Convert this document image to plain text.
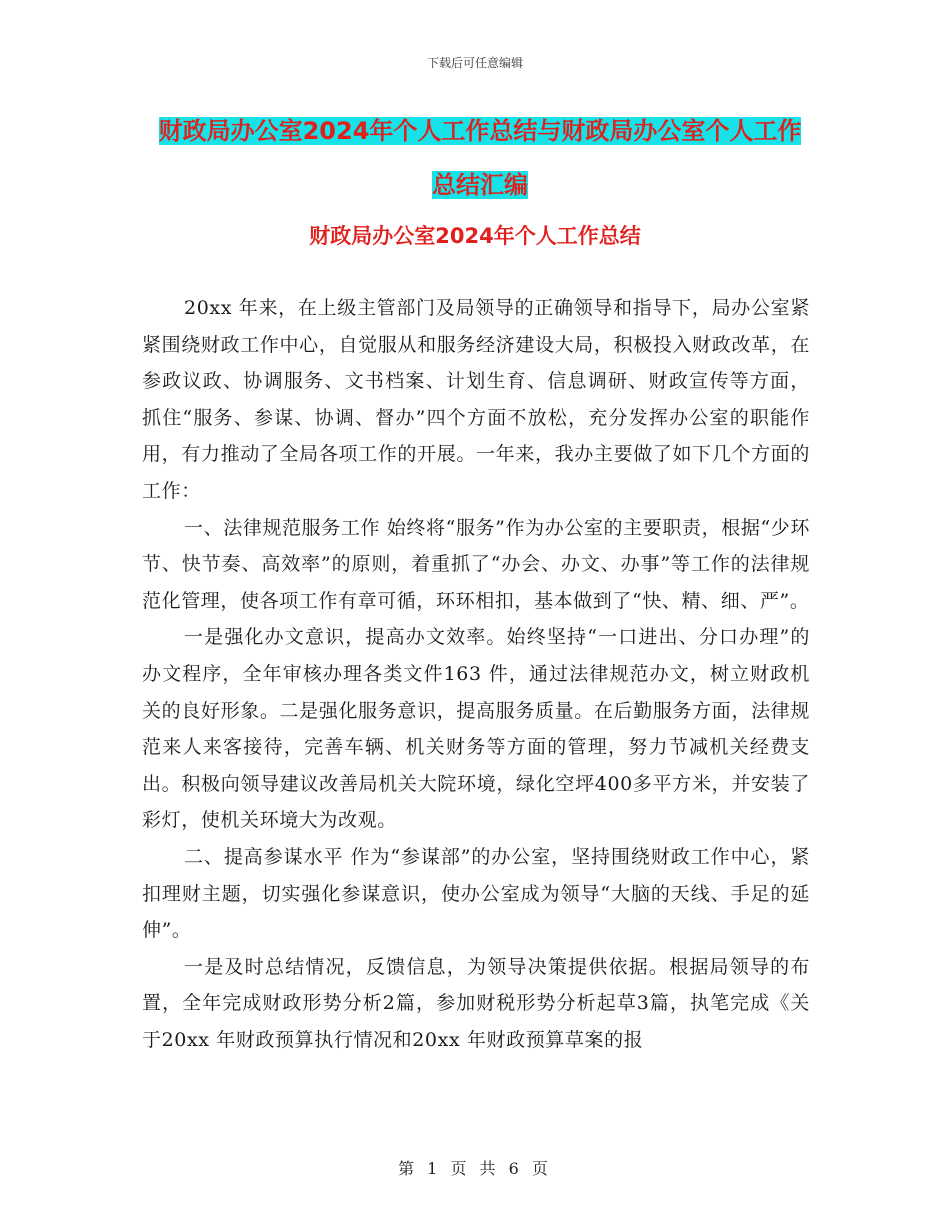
下载后可任意编辑
财政局办公室2024年个人工作总结与财政局办公室个人工作总结汇编
财政局办公室2024年个人工作总结

20xx 年来，在上级主管部门及局领导的正确领导和指导下，局办公室紧紧围绕财政工作中心，自觉服从和服务经济建设大局，积极投入财政改革，在参政议政、协调服务、文书档案、计划生育、信息调研、财政宣传等方面， 抓住“服务、参谋、协调、督办”四个方面不放松，充分发挥办公室的职能作用，有力推动了全局各项工作的开展。一年来，我办主要做了如下几个方面的工作：

一、法律规范服务工作 始终将“服务”作为办公室的主要职责，根据“少环节、快节奏、高效率”的原则，着重抓了“办会、办文、办事”等工作的法律规范化管理，使各项工作有章可循，环环相扣，基本做到了“快、精、细、严”。

一是强化办文意识，提高办文效率。始终坚持“一口进出、分口办理”的办文程序，全年审核办理各类文件163 件，通过法律规范办文，树立财政机关的良好形象。二是强化服务意识，提高服务质量。在后勤服务方面，法律规范来人来客接待，完善车辆、机关财务等方面的管理，努力节减机关经费支出。积极向领导建议改善局机关大院环境，绿化空坪400多平方米，并安装了彩灯，使机关环境大为改观。

二、提高参谋水平 作为“参谋部”的办公室，坚持围绕财政工作中心，紧扣理财主题，切实强化参谋意识，使办公室成为领导“大脑的天线、手足的延伸”。

一是及时总结情况，反馈信息，为领导决策提供依据。根据局领导的布置，全年完成财政形势分析2篇，参加财税形势分析起草3篇，执笔完成《关于20xx 年财政预算执行情况和20xx 年财政预算草案的报

第 1 页 共 6 页
